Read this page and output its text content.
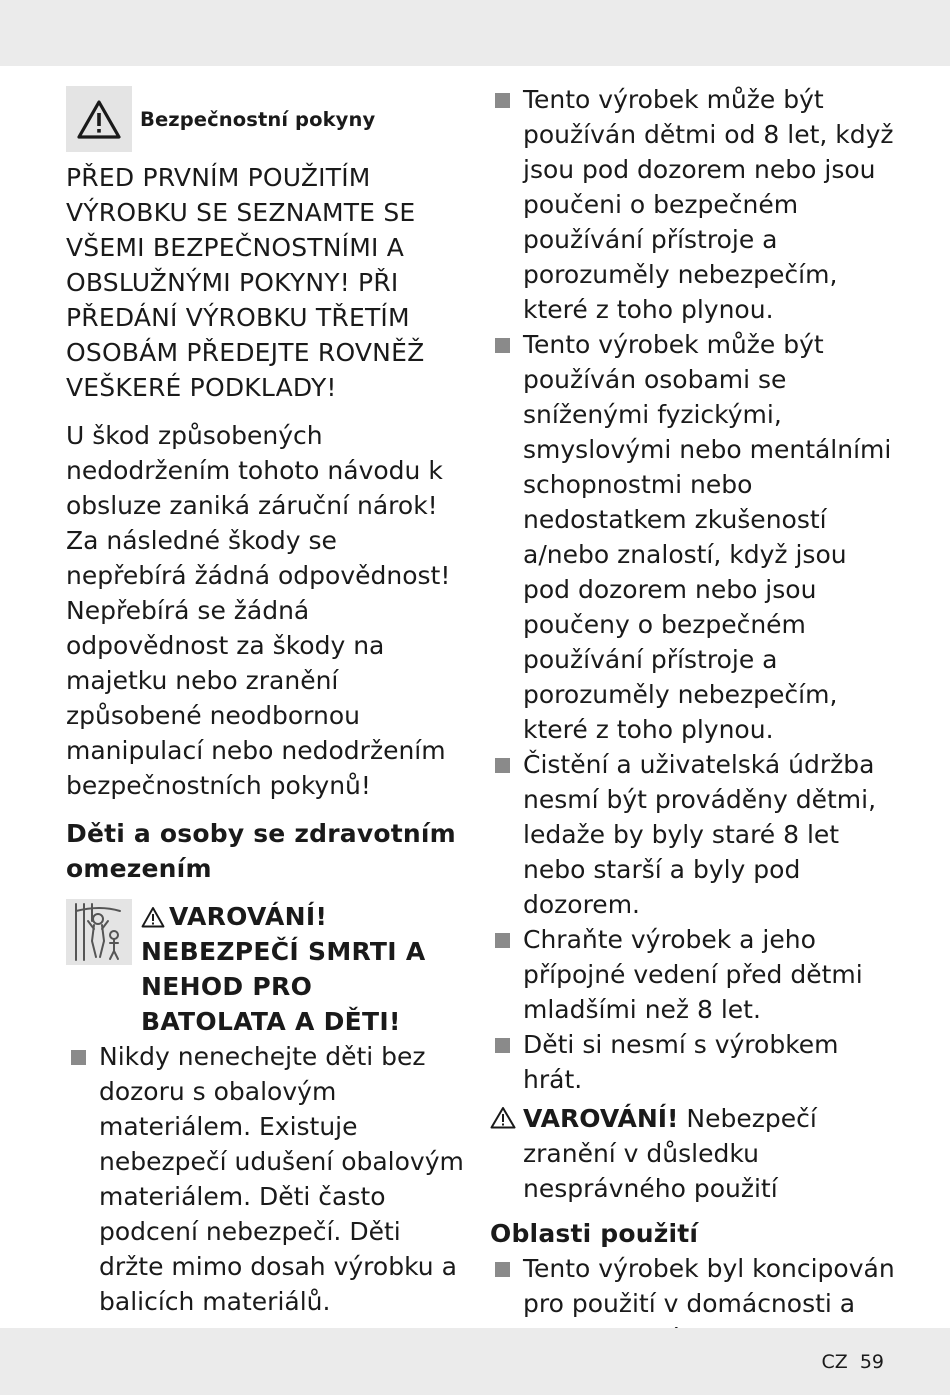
Bezpečnostní pokyny
PŘED PRVNÍM POUŽITÍM VÝROBKU SE SEZNAMTE SE VŠEMI BEZPEČNOSTNÍMI A OBSLUŽNÝMI POKYNY! PŘI PŘEDÁNÍ VÝROBKU TŘETÍM OSOBÁM PŘEDEJTE ROVNĚŽ VEŠKERÉ PODKLADY!
U škod způsobených nedodržením tohoto návodu k obsluze zaniká záruční nárok! Za následné škody se nepřebírá žádná odpovědnost! Nepřebírá se žádná odpovědnost za škody na majetku nebo zranění způsobené neodbornou manipulací nebo nedodržením bezpečnostních pokynů!
Děti a osoby se zdravotním omezením
VAROVÁNÍ! NEBEZPEČÍ SMRTI A NEHOD PRO BATOLATA A DĚTI!
Nikdy nenechejte děti bez dozoru s obalovým materiálem. Existuje nebezpečí udušení obalovým materiálem. Děti často podcení nebezpečí. Děti držte mimo dosah výrobku a balicích materiálů.
Tento výrobek může být používán dětmi od 8 let, když jsou pod dozorem nebo jsou poučeni o bezpečném používání přístroje a porozuměly nebezpečím, které z toho plynou.
Tento výrobek může být používán osobami se sníženými fyzickými, smyslovými nebo mentálními schopnostmi nebo nedostatkem zkušeností a/nebo znalostí, když jsou pod dozorem nebo jsou poučeny o bezpečném používání přístroje a porozuměly nebezpečím, které z toho plynou.
Čistění a uživatelská údržba nesmí být prováděny dětmi, ledaže by byly staré 8 let nebo starší a byly pod dozorem.
Chraňte výrobek a jeho přípojné vedení před dětmi mladšími než 8 let.
Děti si nesmí s výrobkem hrát.
VAROVÁNÍ! Nebezpečí zranění v důsledku nesprávného použití
Oblasti použití
Tento výrobek byl koncipován pro použití v domácnosti a
CZ 59
